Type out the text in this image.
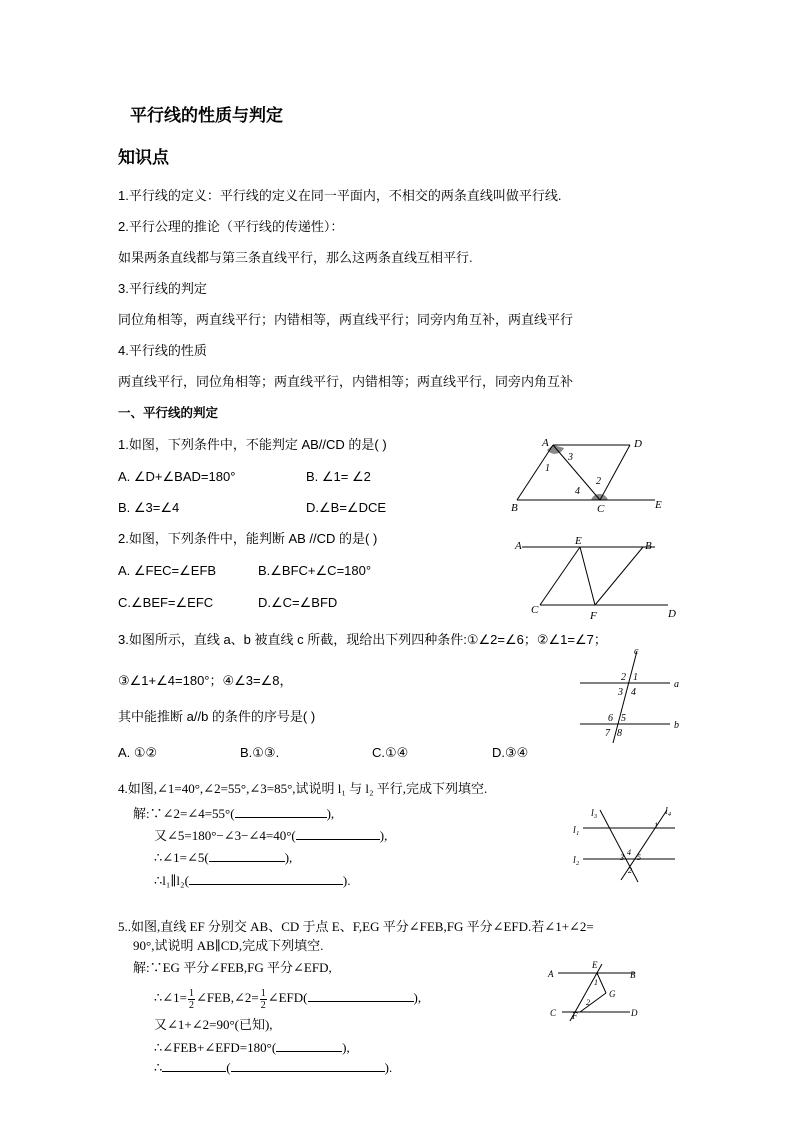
平行线的性质与判定
知识点
1.平行线的定义：平行线的定义在同一平面内，不相交的两条直线叫做平行线.
2.平行公理的推论（平行线的传递性）：
如果两条直线都与第三条直线平行，那么这两条直线互相平行.
3.平行线的判定
同位角相等，两直线平行；内错相等，两直线平行；同旁内角互补，两直线平行
4.平行线的性质
两直线平行，同位角相等；两直线平行，内错相等；两直线平行，同旁内角互补
一、平行线的判定
1.如图，下列条件中，不能判定 AB//CD 的是( )
A. ∠D+∠BAD=180°	B. ∠1= ∠2
B. ∠3=∠4	D.∠B=∠DCE
A	D
B	C	E
1
3
4
2
2.如图，下列条件中，能判断 AB //CD 的是( )
A. ∠FEC=∠EFB	B.∠BFC+∠C=180°
C.∠BEF=∠EFC	D.∠C=∠BFD
A	E	B
C	F	D
3.如图所示，直线 a、b 被直线 c 所截，现给出下列四种条件:①∠2=∠6；②∠1=∠7；
③∠1+∠4=180°；④∠3=∠8，
其中能推断 a//b 的条件的序号是( )
A. ①②	B.①③.	C.①④	D.③④
c
a
b
2 1
3 4
6 5
7 8
4.如图,∠1=40°,∠2=55°,∠3=85°,试说明 l₁ 与 l₂ 平行,完成下列填空.
解:∵∠2=∠4=55°(	),
又∠5=180°−∠3−∠4=40°(	),
∴∠1=∠5(	),
∴l₁∥l₂(	).
l₃	l₄
l₁
l₂
1
3
4
5
2
5..如图,直线 EF 分别交 AB、CD 于点 E、F,EG 平分∠FEB,FG 平分∠EFD.若∠1+∠2=
90°,试说明 AB∥CD,完成下列填空.
解:∵EG 平分∠FEB,FG 平分∠EFD,
∴∠1= $\frac{1}{2}$ ∠FEB,∠2= $\frac{1}{2}$ ∠EFD(	),
又∠1+∠2=90°(已知),
∴∠FEB+∠EFD=180°(	),
∴	(	).
A
E
B
G
1
2
C F	D
